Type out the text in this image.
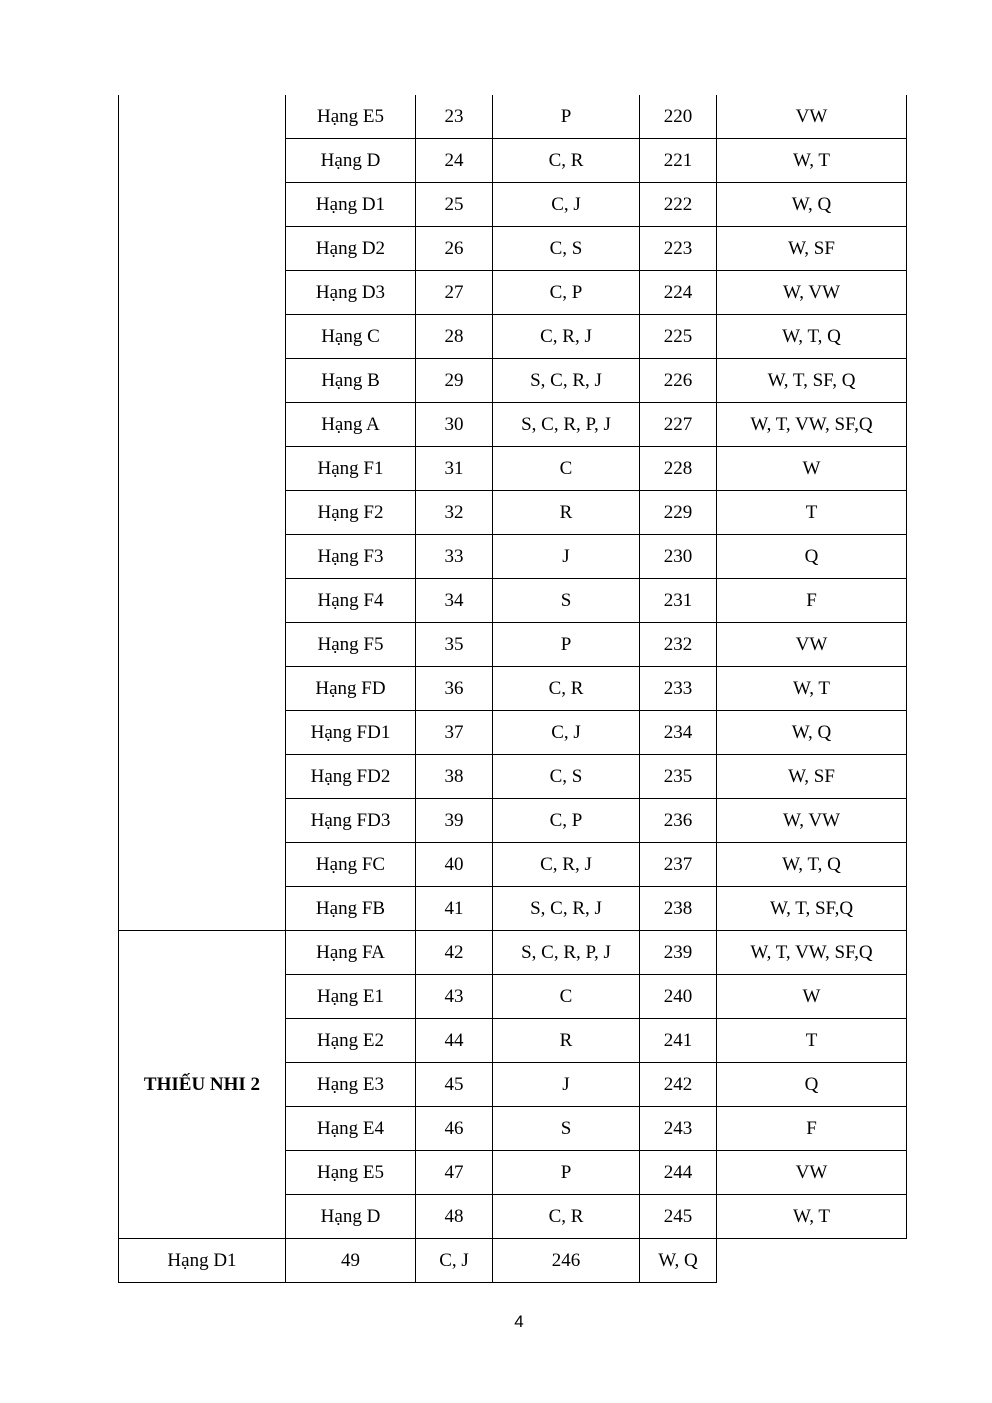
	Hạng E5	23	P	220	VW
	Hạng D	24	C, R	221	W, T
	Hạng D1	25	C, J	222	W, Q
	Hạng D2	26	C, S	223	W, SF
	Hạng D3	27	C, P	224	W, VW
	Hạng C	28	C, R, J	225	W, T, Q
	Hạng B	29	S, C, R, J	226	W, T, SF, Q
	Hạng A	30	S, C, R, P, J	227	W, T, VW, SF,Q
	Hạng F1	31	C	228	W
	Hạng F2	32	R	229	T
	Hạng F3	33	J	230	Q
	Hạng F4	34	S	231	F
	Hạng F5	35	P	232	VW
	Hạng FD	36	C, R	233	W, T
	Hạng FD1	37	C, J	234	W, Q
	Hạng FD2	38	C, S	235	W, SF
	Hạng FD3	39	C, P	236	W, VW
	Hạng FC	40	C, R, J	237	W, T, Q
	Hạng FB	41	S, C, R, J	238	W, T, SF,Q
THIẾU NHI 2	Hạng FA	42	S, C, R, P, J	239	W, T, VW, SF,Q
	Hạng E1	43	C	240	W
	Hạng E2	44	R	241	T
	Hạng E3	45	J	242	Q
	Hạng E4	46	S	243	F
	Hạng E5	47	P	244	VW
	Hạng D	48	C, R	245	W, T
Hạng D1	49	C, J	246	W, Q	
4
